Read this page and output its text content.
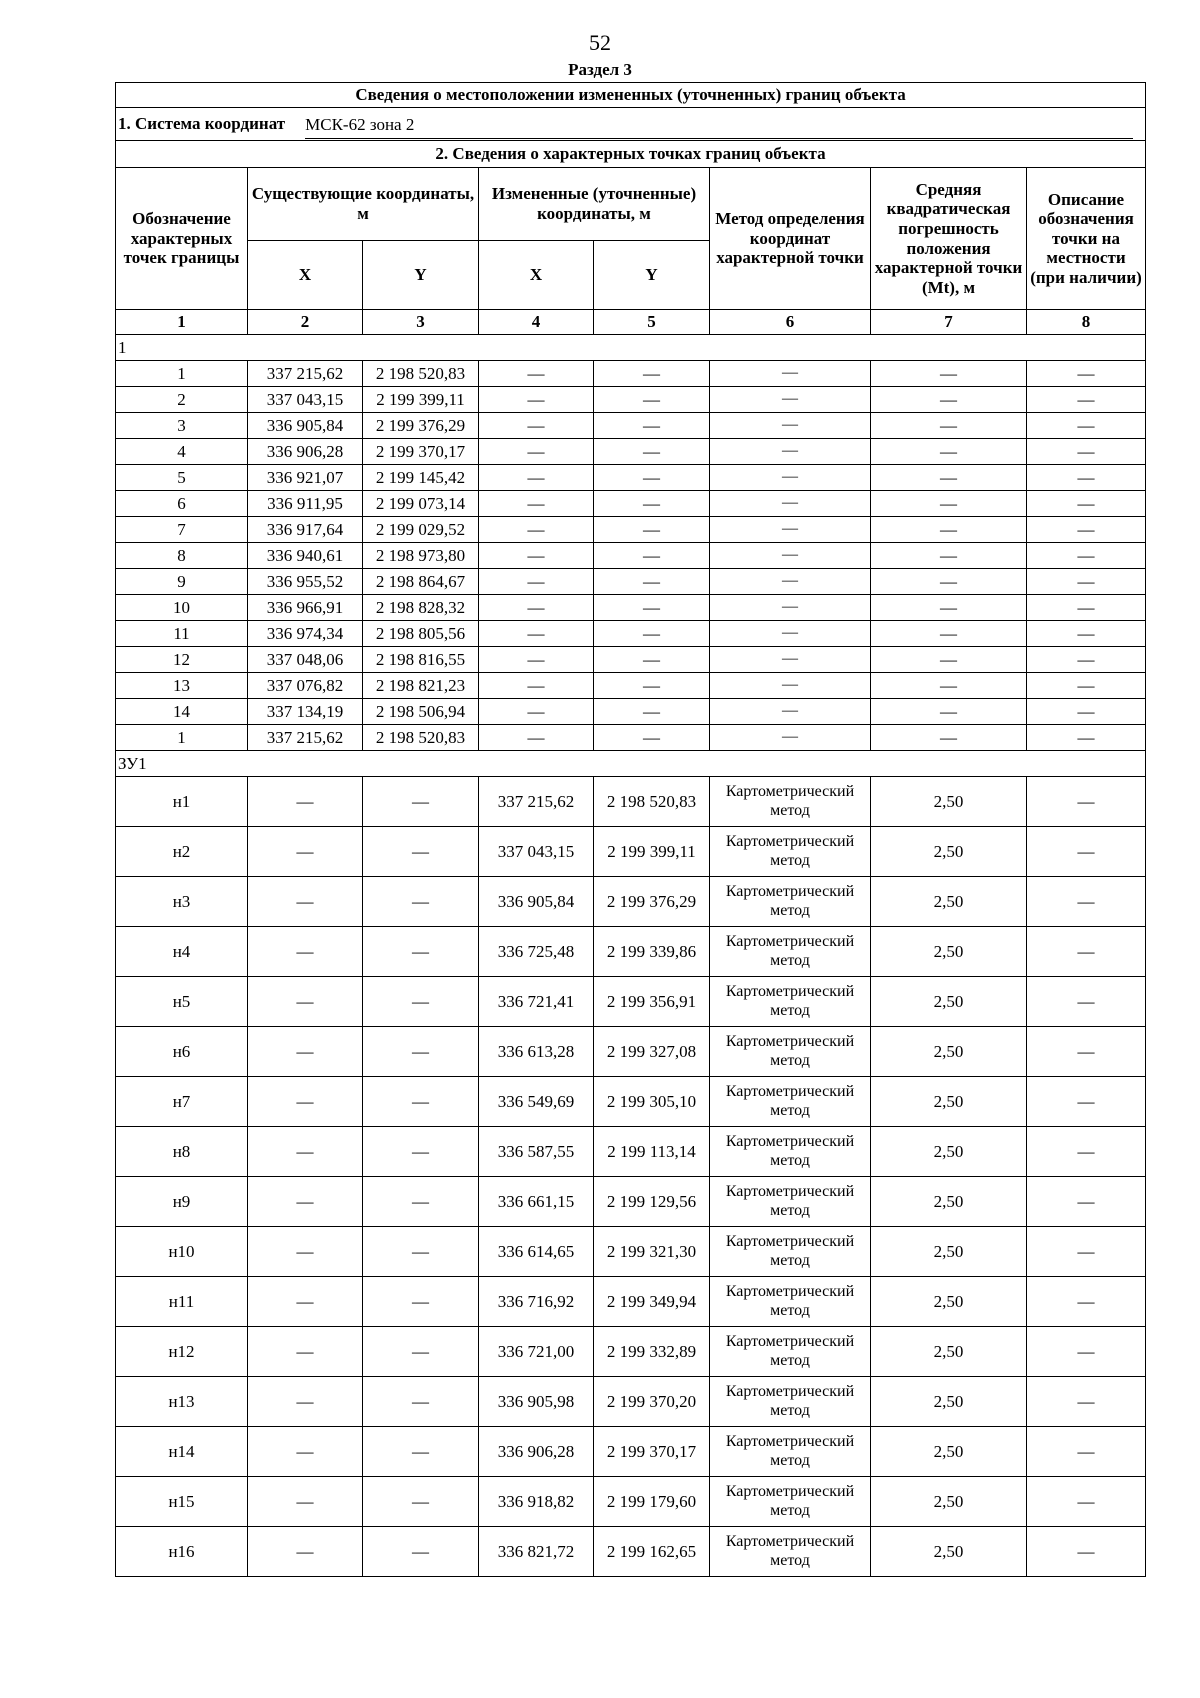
52
Раздел 3
Сведения о местоположении измененных (уточненных) границ объекта							

1. Система координат МСК-62 зона 2							

2. Сведения о характерных точках границ объекта							
Обозначение характерных точек границы	Существующие координаты, м		Измененные (уточненные) координаты, м		Метод определения координат характерной точки	Средняя квадратическая погрешность положения характерной точки (Mt), м	Описание обозначения точки на местности (при наличии)
	X	Y	X	Y			
1	2	3	4	5	6	7	8
1							
1	337 215,62	2 198 520,83	—	—	—	—	—
2	337 043,15	2 199 399,11	—	—	—	—	—
3	336 905,84	2 199 376,29	—	—	—	—	—
4	336 906,28	2 199 370,17	—	—	—	—	—
5	336 921,07	2 199 145,42	—	—	—	—	—
6	336 911,95	2 199 073,14	—	—	—	—	—
7	336 917,64	2 199 029,52	—	—	—	—	—
8	336 940,61	2 198 973,80	—	—	—	—	—
9	336 955,52	2 198 864,67	—	—	—	—	—
10	336 966,91	2 198 828,32	—	—	—	—	—
11	336 974,34	2 198 805,56	—	—	—	—	—
12	337 048,06	2 198 816,55	—	—	—	—	—
13	337 076,82	2 198 821,23	—	—	—	—	—
14	337 134,19	2 198 506,94	—	—	—	—	—
1	337 215,62	2 198 520,83	—	—	—	—	—
ЗУ1							
н1	—	—	337 215,62	2 198 520,83	Картометрический метод	2,50	—
н2	—	—	337 043,15	2 199 399,11	Картометрический метод	2,50	—
н3	—	—	336 905,84	2 199 376,29	Картометрический метод	2,50	—
н4	—	—	336 725,48	2 199 339,86	Картометрический метод	2,50	—
н5	—	—	336 721,41	2 199 356,91	Картометрический метод	2,50	—
н6	—	—	336 613,28	2 199 327,08	Картометрический метод	2,50	—
н7	—	—	336 549,69	2 199 305,10	Картометрический метод	2,50	—
н8	—	—	336 587,55	2 199 113,14	Картометрический метод	2,50	—
н9	—	—	336 661,15	2 199 129,56	Картометрический метод	2,50	—
н10	—	—	336 614,65	2 199 321,30	Картометрический метод	2,50	—
н11	—	—	336 716,92	2 199 349,94	Картометрический метод	2,50	—
н12	—	—	336 721,00	2 199 332,89	Картометрический метод	2,50	—
н13	—	—	336 905,98	2 199 370,20	Картометрический метод	2,50	—
н14	—	—	336 906,28	2 199 370,17	Картометрический метод	2,50	—
н15	—	—	336 918,82	2 199 179,60	Картометрический метод	2,50	—
н16	—	—	336 821,72	2 199 162,65	Картометрический метод	2,50	—
